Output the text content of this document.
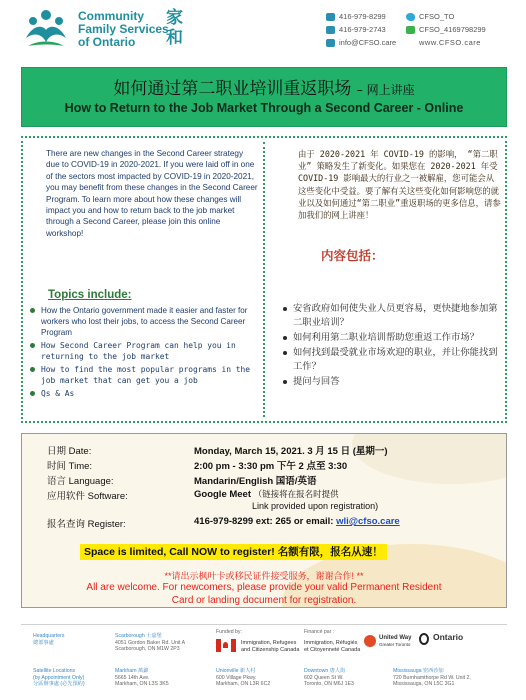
Community
Family Services
of Ontario
家
和
416-979-8299
416-979-2743
info@CFSO.care
CFSO_TO
CFSO_4169798299
www.CFSO.care
如何通过第二职业培训重返职场 – 网上讲座
How to Return to the Job Market Through a Second Career - Online

There are new changes in the Second Career strategy due to COVID-19 in 2020-2021. If you were laid off in one of the sectors most impacted by COVID-19 in 2020-2021, you may benefit from these changes in the Second Career Program. To learn more about how these changes will impact you and how to return back to the job market through a Second Career, please join this online workshop!

Topics include:
How the Ontario government made it easier and faster for workers who lost their jobs, to access the Second Career Program
How Second Career Program can help you in returning to the job market
How to find the most popular programs in the job market that can get you a job
Qs & As

由于 2020-2021 年 COVID-19 的影响， “第二职业” 策略发生了新变化。如果您在 2020-2021 年受 COVID-19 影响最大的行业之一被解雇，您可能会从这些变化中受益。要了解有关这些变化如何影响您的就业以及如何通过“第二职业”重返职场的更多信息，请参加我们的网上讲座！

内容包括：
安省政府如何使失业人员更容易，更快捷地参加第二职业培训？
如何利用第二职业培训帮助您重返工作市场？
如何找到最受就业市场欢迎的职业，并让你能找到工作？
提问与回答
日期 Date:	Monday, March 15, 2021. 3 月 15 日 (星期一)
时间 Time:	2:00 pm - 3:30 pm 下午 2 点至 3:30
语言 Language:	Mandarin/English 国语/英语
应用软件 Software:	Google Meet （链接将在报名时提供
Link provided upon registration)
报名查询 Register:	416-979-8299 ext: 265 or email: wli@cfso.care
Space is limited, Call NOW to register! 名额有限，报名从速！
**请出示枫叶卡或移民证件接受服务，谢谢合作! **
All are welcome. For newcomers, please provide your valid Permanent Resident
Card or landing document for registration.
Headquarters
總部事處
Satellite Locations
(by Appointment Only)
分區辦事處 (必先預約)
Scarborough 士嘉堡
4051 Gordon Baker Rd. Unit A
Scarborough, ON M1W 2P3
Markham 萬錦
5665 14th Ave.
Markham, ON L3S 3K5
Funded by:
Immigration, Refugees
and Citizenship Canada
Unionville 新人村
600 Village Pkwy.
Markham, ON L3R 6C2
Financé par :
Immigration, Réfugiés
et Citoyenneté Canada
Downtown 唐人街
602 Queen St W.
Toronto, ON M6J 1E3
United Way
Greater Toronto
Ontario
Mississauga 密西沙加
720 Burnhamthorpe Rd W. Unit 2,
Mississauga, ON L5C 3G1
